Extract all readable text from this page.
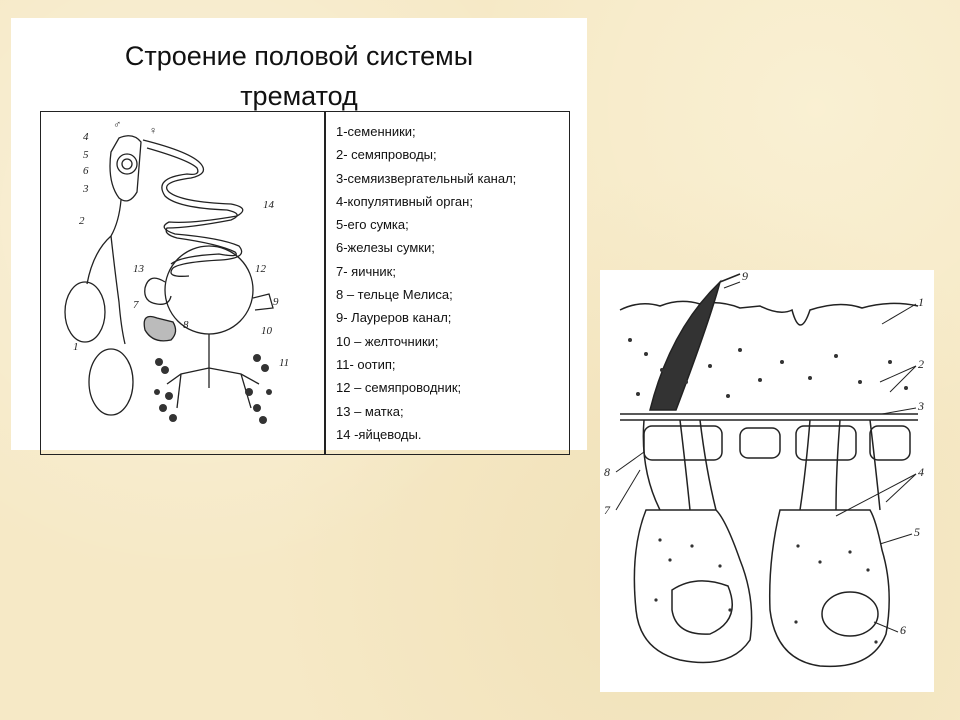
Строение половой системы
трематод
4
5
6
3
2
1
7
8
9
10
11
12
13
14
♂	♀	1-семенники;
2- семяпроводы;
3-семяизвергательный канал;
4-копулятивный орган;
5-его сумка;
6-железы сумки;
7- яичник;
8 – тельце Мелиса;
9- Лауреров канал;
10 – желточники;
11- оотип;
12 – семяпроводник;
13 – матка;
14 -яйцеводы.
1
2
3
4
5
6
7
8
9
